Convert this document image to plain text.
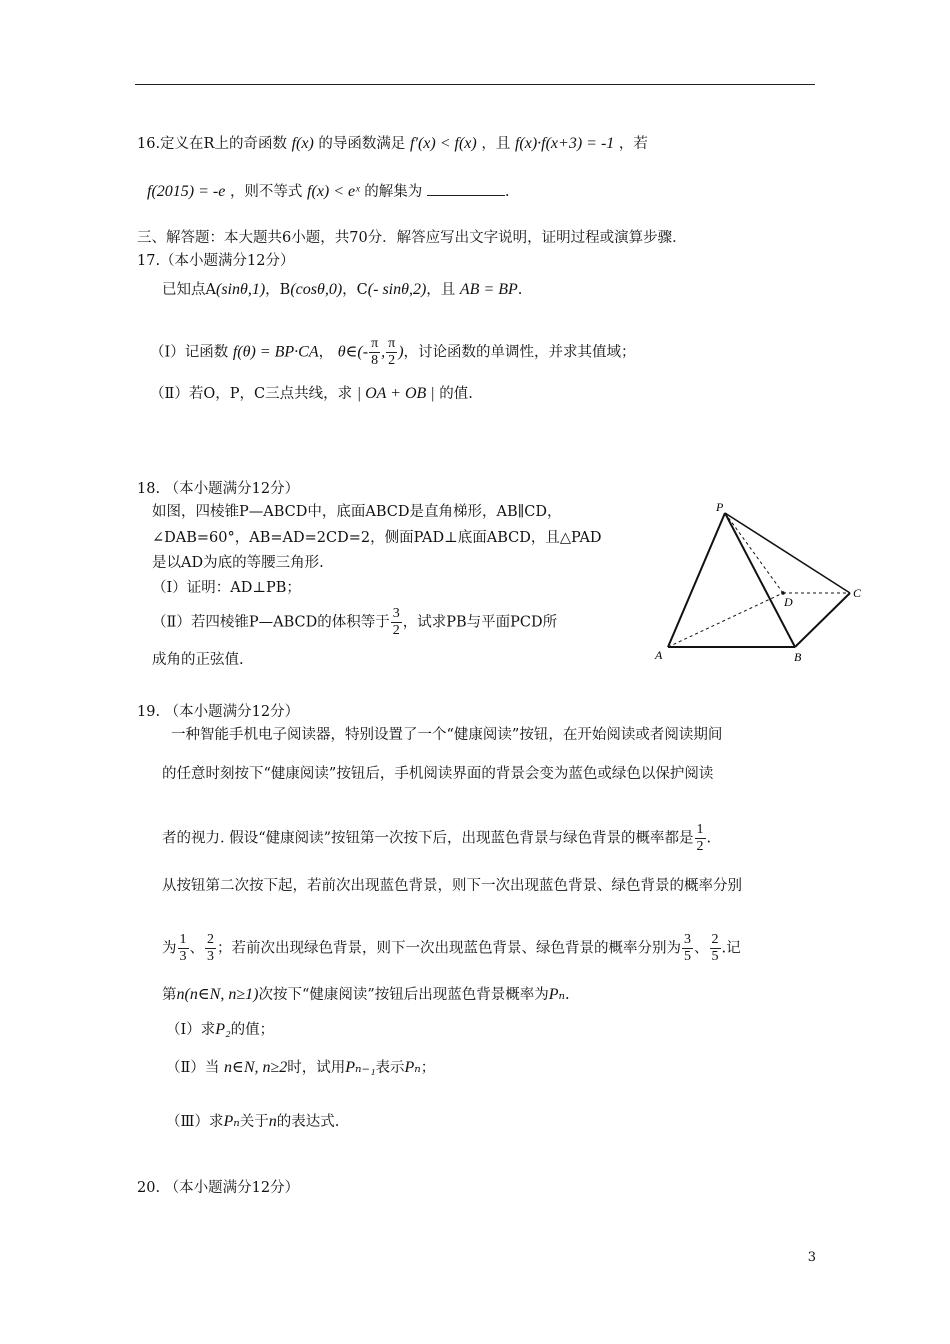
16.定义在R上的奇函数 f(x) 的导函数满足 f′(x) < f(x) ，且 f(x)·f(x+3) = -1 ，若
f(2015) = -e ，则不等式 f(x) < eˣ 的解集为	.
三、解答题：本大题共6小题，共70分．解答应写出文字说明，证明过程或演算步骤．
17.（本小题满分12分）
已知点A(sinθ,1)，B(cosθ,0)，C(- sinθ,2)，且 AB = BP.
（Ⅰ）记函数 f(θ) = BP·CA， θ∈(- $\frac{\pi}{8}$ , $\frac{\pi}{2}$ )，讨论函数的单调性，并求其值域；
（Ⅱ）若O，P，C三点共线，求 | OA + OB | 的值.
18. （本小题满分12分）
如图，四棱锥P—ABCD中，底面ABCD是直角梯形，AB∥CD，
∠DAB=60°，AB=AD=2CD=2，侧面PAD⊥底面ABCD，且△PAD
是以AD为底的等腰三角形.
（Ⅰ）证明：AD⊥PB；
（Ⅱ）若四棱锥P—ABCD的体积等于 $\frac{3}{2}$ ，试求PB与平面PCD所
成角的正弦值.
P
A	B
C
D
19. （本小题满分12分）
一种智能手机电子阅读器，特别设置了一个“健康阅读”按钮，在开始阅读或者阅读期间
的任意时刻按下“健康阅读”按钮后，手机阅读界面的背景会变为蓝色或绿色以保护阅读
者的视力. 假设“健康阅读”按钮第一次按下后，出现蓝色背景与绿色背景的概率都是 $\frac{1}{2}$ .
从按钮第二次按下起，若前次出现蓝色背景，则下一次出现蓝色背景、绿色背景的概率分别
为 $\frac{1}{3}$ 、 $\frac{2}{3}$ ；若前次出现绿色背景，则下一次出现蓝色背景、绿色背景的概率分别为 $\frac{3}{5}$ 、 $\frac{2}{5}$ .记
第n(n∈N, n≥1)次按下“健康阅读”按钮后出现蓝色背景概率为Pₙ.
（Ⅰ）求P₂的值；
（Ⅱ）当 n∈N, n≥2时，试用Pₙ₋₁表示Pₙ；
（Ⅲ）求Pₙ关于n的表达式.
20. （本小题满分12分）
3
